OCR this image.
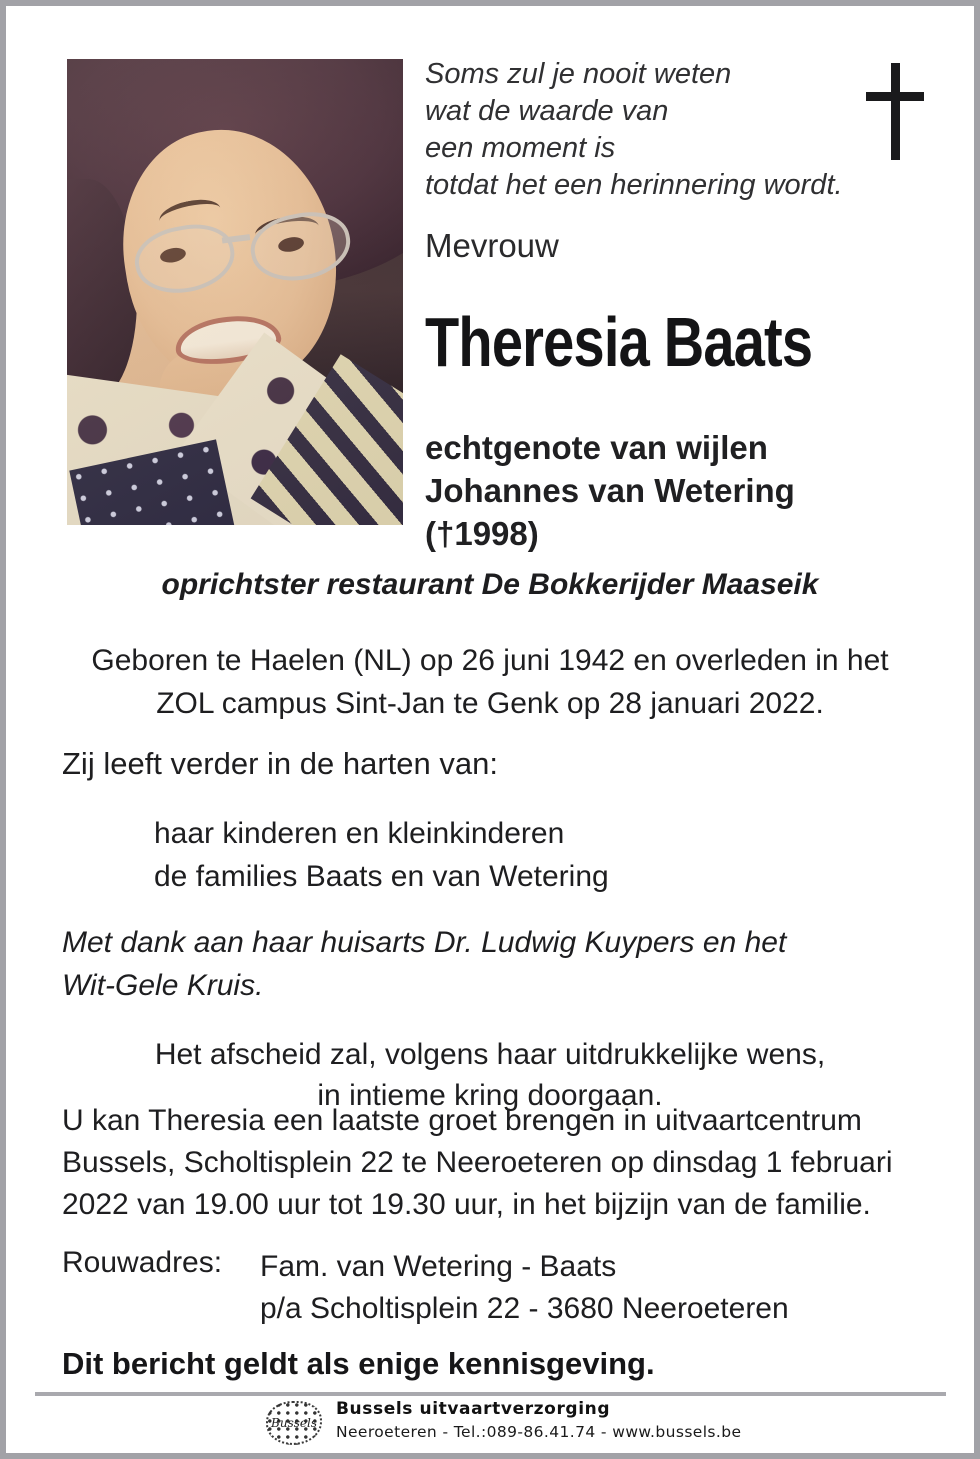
Soms zul je nooit weten
wat de waarde van
een moment is
totdat het een herinnering wordt.
Mevrouw
Theresia Baats
echtgenote van wijlen
Johannes van Wetering
(†1998)
oprichtster restaurant De Bokkerijder Maaseik
Geboren te Haelen (NL) op 26 juni 1942 en overleden in het
ZOL campus Sint-Jan te Genk op 28 januari 2022.
Zij leeft verder in de harten van:
haar kinderen en kleinkinderen
de families Baats en van Wetering
Met dank aan haar huisarts Dr. Ludwig Kuypers en het
Wit-Gele Kruis.
Het afscheid zal, volgens haar uitdrukkelijke wens,
in intieme kring doorgaan.
U kan Theresia een laatste groet brengen in uitvaartcentrum
Bussels, Scholtisplein 22 te Neeroeteren op dinsdag 1 februari
2022 van 19.00 uur tot 19.30 uur, in het bijzijn van de familie.
Rouwadres: Fam. van Wetering - Baats
p/a Scholtisplein 22 - 3680 Neeroeteren
Dit bericht geldt als enige kennisgeving.
Bussels
Bussels uitvaartverzorging
Neeroeteren - Tel.:089-86.41.74 - www.bussels.be
